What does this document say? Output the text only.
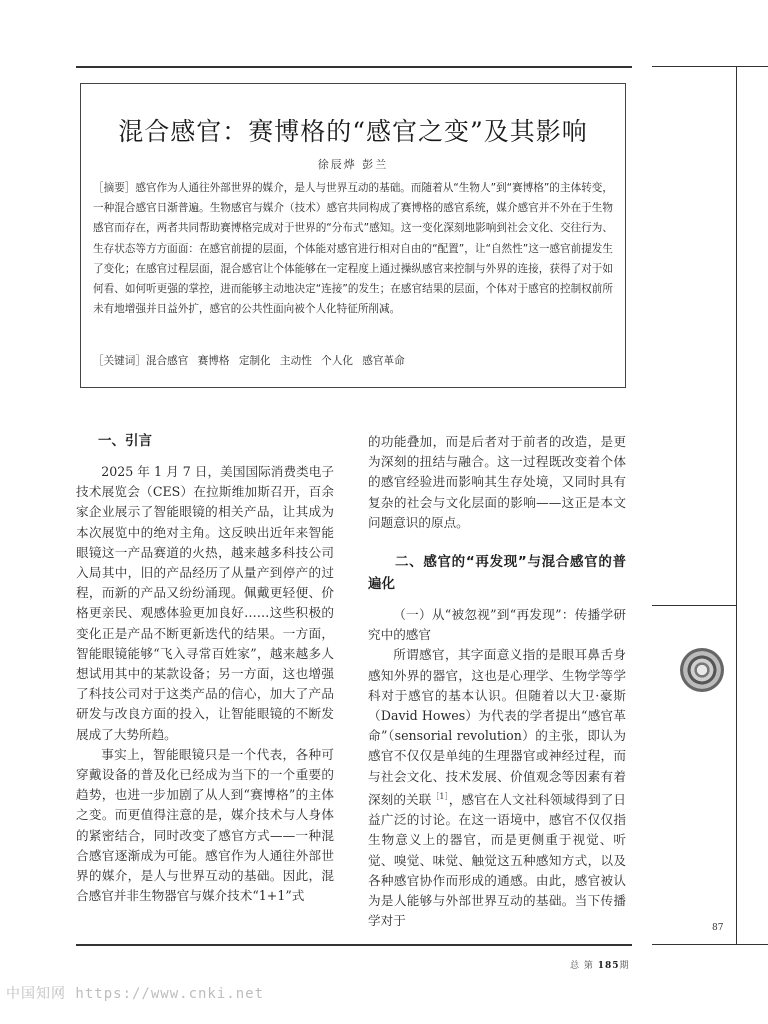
混合感官：赛博格的“感官之变”及其影响
徐辰烨 彭兰
［摘要］感官作为人通往外部世界的媒介，是人与世界互动的基础。而随着从“生物人”到“赛博格”的主体转变，一种混合感官日渐普遍。生物感官与媒介（技术）感官共同构成了赛博格的感官系统，媒介感官并不外在于生物感官而存在，两者共同帮助赛博格完成对于世界的“分布式”感知。这一变化深刻地影响到社会文化、交往行为、生存状态等方方面面：在感官前提的层面，个体能对感官进行相对自由的“配置”，让“自然性”这一感官前提发生了变化；在感官过程层面，混合感官让个体能够在一定程度上通过操纵感官来控制与外界的连接，获得了对于如何看、如何听更强的掌控，进而能够主动地决定“连接”的发生；在感官结果的层面，个体对于感官的控制权前所未有地增强并日益外扩，感官的公共性面向被个人化特征所削减。
［关键词］混合感官 赛博格 定制化 主动性 个人化 感官革命
一、引言

2025 年 1 月 7 日，美国国际消费类电子技术展览会（CES）在拉斯维加斯召开，百余家企业展示了智能眼镜的相关产品，让其成为本次展览中的绝对主角。这反映出近年来智能眼镜这一产品赛道的火热，越来越多科技公司入局其中，旧的产品经历了从量产到停产的过程，而新的产品又纷纷涌现。佩戴更轻便、价格更亲民、观感体验更加良好……这些积极的变化正是产品不断更新迭代的结果。一方面，智能眼镜能够“飞入寻常百姓家”，越来越多人想试用其中的某款设备；另一方面，这也增强了科技公司对于这类产品的信心，加大了产品研发与改良方面的投入，让智能眼镜的不断发展成了大势所趋。

事实上，智能眼镜只是一个代表，各种可穿戴设备的普及化已经成为当下的一个重要的趋势，也进一步加剧了从人到“赛博格”的主体之变。而更值得注意的是，媒介技术与人身体的紧密结合，同时改变了感官方式——一种混合感官逐渐成为可能。感官作为人通往外部世界的媒介，是人与世界互动的基础。因此，混合感官并非生物器官与媒介技术“1+1”式

的功能叠加，而是后者对于前者的改造，是更为深刻的扭结与融合。这一过程既改变着个体的感官经验进而影响其生存处境，又同时具有复杂的社会与文化层面的影响——这正是本文问题意识的原点。

二、感官的“再发现”与混合感官的普遍化

（一）从“被忽视”到“再发现”：传播学研究中的感官

所谓感官，其字面意义指的是眼耳鼻舌身感知外界的器官，这也是心理学、生物学等学科对于感官的基本认识。但随着以大卫·豪斯（David Howes）为代表的学者提出“感官革命”（sensorial revolution）的主张，即认为感官不仅仅是单纯的生理器官或神经过程，而与社会文化、技术发展、价值观念等因素有着深刻的关联$^{[1]}$，感官在人文社科领域得到了日益广泛的讨论。在这一语境中，感官不仅仅指生物意义上的器官，而是更侧重于视觉、听觉、嗅觉、味觉、触觉这五种感知方式，以及各种感官协作而形成的通感。由此，感官被认为是人能够与外部世界互动的基础。当下传播学对于	87
总 第 185期
中国知网 https://www.cnki.net
